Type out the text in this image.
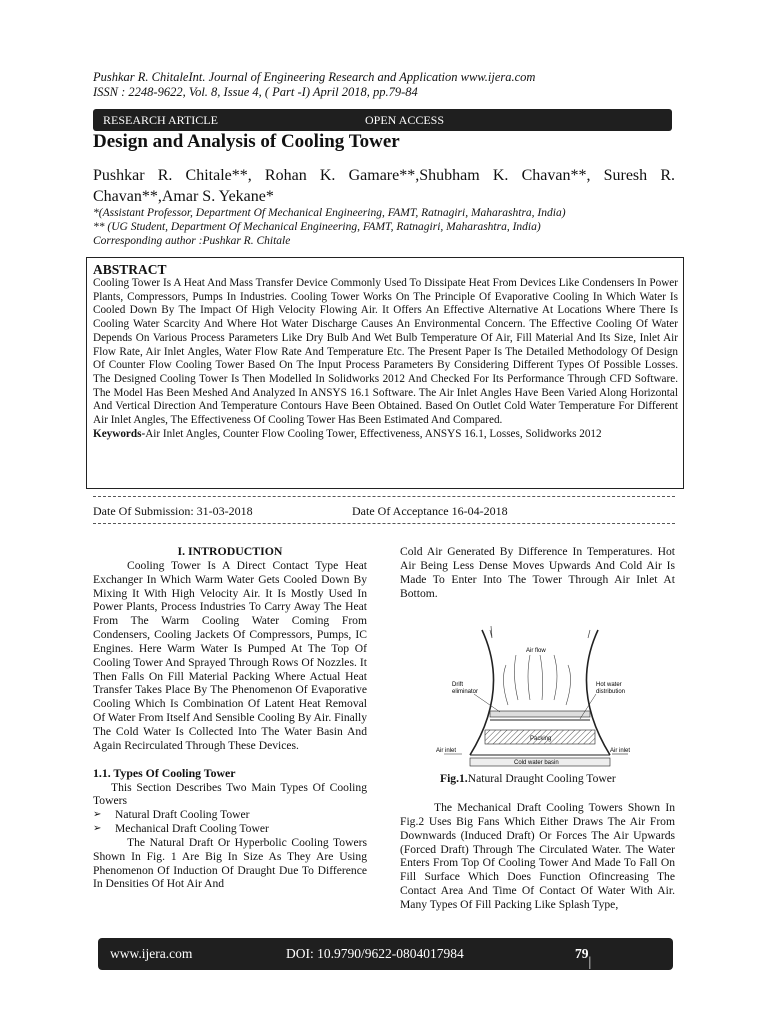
Pushkar R. ChitaleInt. Journal of Engineering Research and Application www.ijera.com
ISSN : 2248-9622, Vol. 8, Issue 4, ( Part -I) April 2018, pp.79-84
RESEARCH ARTICLE	OPEN ACCESS
Design and Analysis of Cooling Tower
Pushkar R. Chitale**, Rohan K. Gamare**,Shubham K. Chavan**, Suresh R. Chavan**,Amar S. Yekane*
*(Assistant Professor, Department Of Mechanical Engineering, FAMT, Ratnagiri, Maharashtra, India)
** (UG Student, Department Of Mechanical Engineering, FAMT, Ratnagiri, Maharashtra, India)
Corresponding author :Pushkar R. Chitale
ABSTRACT
Cooling Tower Is A Heat And Mass Transfer Device Commonly Used To Dissipate Heat From Devices Like Condensers In Power Plants, Compressors, Pumps In Industries. Cooling Tower Works On The Principle Of Evaporative Cooling In Which Water Is Cooled Down By The Impact Of High Velocity Flowing Air. It Offers An Effective Alternative At Locations Where There Is Cooling Water Scarcity And Where Hot Water Discharge Causes An Environmental Concern. The Effective Cooling Of Water Depends On Various Process Parameters Like Dry Bulb And Wet Bulb Temperature Of Air, Fill Material And Its Size, Inlet Air Flow Rate, Air Inlet Angles, Water Flow Rate And Temperature Etc. The Present Paper Is The Detailed Methodology Of Design Of Counter Flow Cooling Tower Based On The Input Process Parameters By Considering Different Types Of Possible Losses. The Designed Cooling Tower Is Then Modelled In Solidworks 2012 And Checked For Its Performance Through CFD Software. The Model Has Been Meshed And Analyzed In ANSYS 16.1 Software. The Air Inlet Angles Have Been Varied Along Horizontal And Vertical Direction And Temperature Contours Have Been Obtained. Based On Outlet Cold Water Temperature For Different Air Inlet Angles, The Effectiveness Of Cooling Tower Has Been Estimated And Compared.
Keywords-Air Inlet Angles, Counter Flow Cooling Tower, Effectiveness, ANSYS 16.1, Losses, Solidworks 2012
Date Of Submission: 31-03-2018	Date Of Acceptance 16-04-2018
I. INTRODUCTION
Cooling Tower Is A Direct Contact Type Heat Exchanger In Which Warm Water Gets Cooled Down By Mixing It With High Velocity Air. It Is Mostly Used In Power Plants, Process Industries To Carry Away The Heat From The Warm Cooling Water Coming From Condensers, Cooling Jackets Of Compressors, Pumps, IC Engines. Here Warm Water Is Pumped At The Top Of Cooling Tower And Sprayed Through Rows Of Nozzles. It Then Falls On Fill Material Packing Where Actual Heat Transfer Takes Place By The Phenomenon Of Evaporative Cooling Which Is Combination Of Latent Heat Removal Of Water From Itself And Sensible Cooling By Air. Finally The Cold Water Is Collected Into The Water Basin And Again Recirculated Through These Devices.
1.1. Types Of Cooling Tower
This Section Describes Two Main Types Of Cooling Towers
➢ Natural Draft Cooling Tower
➢ Mechanical Draft Cooling Tower
The Natural Draft Or Hyperbolic Cooling Towers Shown In Fig. 1 Are Big In Size As They Are Using Phenomenon Of Induction Of Draught Due To Difference In Densities Of Hot Air And
Cold Air Generated By Difference In Temperatures. Hot Air Being Less Dense Moves Upwards And Cold Air Is Made To Enter Into The Tower Through Air Inlet At Bottom.
Air flow
Packing
Cold water basin
Drift
eliminator
Hot water
distribution
Air inlet	Air inlet
Fig.1.Natural Draught Cooling Tower
The Mechanical Draft Cooling Towers Shown In Fig.2 Uses Big Fans Which Either Draws The Air From Downwards (Induced Draft) Or Forces The Air Upwards (Forced Draft) Through The Circulated Water. The Water Enters From Top Of Cooling Tower And Made To Fall On Fill Surface Which Does Function Ofincreasing The Contact Area And Time Of Contact Of Water With Air. Many Types Of Fill Packing Like Splash Type,
www.ijera.com	DOI: 10.9790/9622-0804017984	79
| P a g e
